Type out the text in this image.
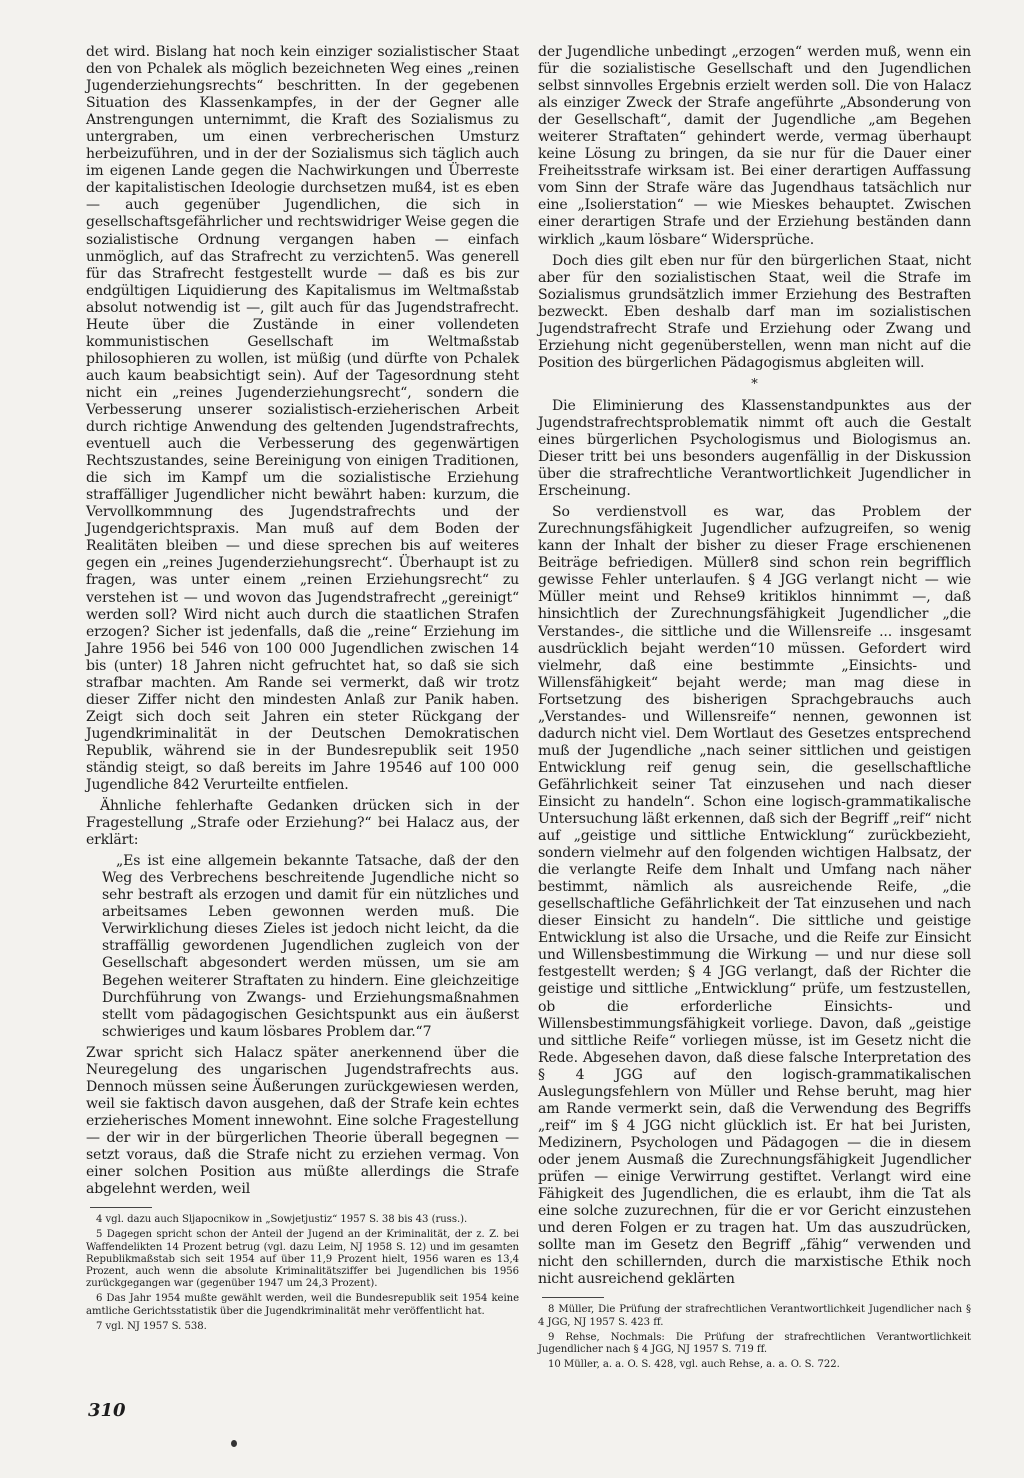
det wird. Bislang hat noch kein einziger sozialistischer Staat den von Pchalek als möglich bezeichneten Weg eines „reinen Jugenderziehungsrechts“ beschritten. In der gegebenen Situation des Klassenkampfes, in der der Gegner alle Anstrengungen unternimmt, die Kraft des Sozialismus zu untergraben, um einen verbrecherischen Umsturz herbeizuführen, und in der der Sozialismus sich täglich auch im eigenen Lande gegen die Nachwirkungen und Überreste der kapitalistischen Ideologie durchsetzen muß4, ist es eben — auch gegenüber Jugendlichen, die sich in gesellschaftsgefährlicher und rechtswidriger Weise gegen die sozialistische Ordnung vergangen haben — einfach unmöglich, auf das Strafrecht zu verzichten5. Was generell für das Strafrecht festgestellt wurde — daß es bis zur endgültigen Liquidierung des Kapitalismus im Weltmaßstab absolut notwendig ist —, gilt auch für das Jugendstrafrecht. Heute über die Zustände in einer vollendeten kommunistischen Gesellschaft im Weltmaßstab philosophieren zu wollen, ist müßig (und dürfte von Pchalek auch kaum beabsichtigt sein). Auf der Tagesordnung steht nicht ein „reines Jugenderziehungsrecht“, sondern die Verbesserung unserer sozialistisch-erzieherischen Arbeit durch richtige Anwendung des geltenden Jugendstrafrechts, eventuell auch die Verbesserung des gegenwärtigen Rechtszustandes, seine Bereinigung von einigen Traditionen, die sich im Kampf um die sozialistische Erziehung straffälliger Jugendlicher nicht bewährt haben: kurzum, die Vervollkommnung des Jugendstrafrechts und der Jugendgerichtspraxis. Man muß auf dem Boden der Realitäten bleiben — und diese sprechen bis auf weiteres gegen ein „reines Jugenderziehungsrecht“. Überhaupt ist zu fragen, was unter einem „reinen Erziehungsrecht“ zu verstehen ist — und wovon das Jugendstrafrecht „gereinigt“ werden soll? Wird nicht auch durch die staatlichen Strafen erzogen? Sicher ist jedenfalls, daß die „reine“ Erziehung im Jahre 1956 bei 546 von 100 000 Jugendlichen zwischen 14 bis (unter) 18 Jahren nicht gefruchtet hat, so daß sie sich strafbar machten. Am Rande sei vermerkt, daß wir trotz dieser Ziffer nicht den mindesten Anlaß zur Panik haben. Zeigt sich doch seit Jahren ein steter Rückgang der Jugendkriminalität in der Deutschen Demokratischen Republik, während sie in der Bundesrepublik seit 1950 ständig steigt, so daß bereits im Jahre 19546 auf 100 000 Jugendliche 842 Verurteilte entfielen.

Ähnliche fehlerhafte Gedanken drücken sich in der Fragestellung „Strafe oder Erziehung?“ bei Halacz aus, der erklärt:

„Es ist eine allgemein bekannte Tatsache, daß der den Weg des Verbrechens beschreitende Jugendliche nicht so sehr bestraft als erzogen und damit für ein nützliches und arbeitsames Leben gewonnen werden muß. Die Verwirklichung dieses Zieles ist jedoch nicht leicht, da die straffällig gewordenen Jugendlichen zugleich von der Gesellschaft abgesondert werden müssen, um sie am Begehen weiterer Straftaten zu hindern. Eine gleichzeitige Durchführung von Zwangs- und Erziehungsmaßnahmen stellt vom pädagogischen Gesichtspunkt aus ein äußerst schwieriges und kaum lösbares Problem dar.“7

Zwar spricht sich Halacz später anerkennend über die Neuregelung des ungarischen Jugendstrafrechts aus. Dennoch müssen seine Äußerungen zurückgewiesen werden, weil sie faktisch davon ausgehen, daß der Strafe kein echtes erzieherisches Moment innewohnt. Eine solche Fragestellung — der wir in der bürgerlichen Theorie überall begegnen — setzt voraus, daß die Strafe nicht zu erziehen vermag. Von einer solchen Position aus müßte allerdings die Strafe abgelehnt werden, weil

4 vgl. dazu auch Sljapocnikow in „Sowjetjustiz“ 1957 S. 38 bis 43 (russ.).

5 Dagegen spricht schon der Anteil der Jugend an der Kriminalität, der z. Z. bei Waffendelikten 14 Prozent betrug (vgl. dazu Leim, NJ 1958 S. 12) und im gesamten Republikmaßstab sich seit 1954 auf über 11,9 Prozent hielt, 1956 waren es 13,4 Prozent, auch wenn die absolute Kriminalitätsziffer bei Jugendlichen bis 1956 zurückgegangen war (gegenüber 1947 um 24,3 Prozent).

6 Das Jahr 1954 mußte gewählt werden, weil die Bundesrepublik seit 1954 keine amtliche Gerichtsstatistik über die Jugendkriminalität mehr veröffentlicht hat.

7 vgl. NJ 1957 S. 538.

der Jugendliche unbedingt „erzogen“ werden muß, wenn ein für die sozialistische Gesellschaft und den Jugendlichen selbst sinnvolles Ergebnis erzielt werden soll. Die von Halacz als einziger Zweck der Strafe angeführte „Absonderung von der Gesellschaft“, damit der Jugendliche „am Begehen weiterer Straftaten“ gehindert werde, vermag überhaupt keine Lösung zu bringen, da sie nur für die Dauer einer Freiheitsstrafe wirksam ist. Bei einer derartigen Auffassung vom Sinn der Strafe wäre das Jugendhaus tatsächlich nur eine „Isolierstation“ — wie Mieskes behauptet. Zwischen einer derartigen Strafe und der Erziehung beständen dann wirklich „kaum lösbare“ Widersprüche.

Doch dies gilt eben nur für den bürgerlichen Staat, nicht aber für den sozialistischen Staat, weil die Strafe im Sozialismus grundsätzlich immer Erziehung des Bestraften bezweckt. Eben deshalb darf man im sozialistischen Jugendstrafrecht Strafe und Erziehung oder Zwang und Erziehung nicht gegenüberstellen, wenn man nicht auf die Position des bürgerlichen Pädagogismus abgleiten will.

*

Die Eliminierung des Klassenstandpunktes aus der Jugendstrafrechtsproblematik nimmt oft auch die Gestalt eines bürgerlichen Psychologismus und Biologismus an. Dieser tritt bei uns besonders augenfällig in der Diskussion über die strafrechtliche Verantwortlichkeit Jugendlicher in Erscheinung.

So verdienstvoll es war, das Problem der Zurechnungsfähigkeit Jugendlicher aufzugreifen, so wenig kann der Inhalt der bisher zu dieser Frage erschienenen Beiträge befriedigen. Müller8 sind schon rein begrifflich gewisse Fehler unterlaufen. § 4 JGG verlangt nicht — wie Müller meint und Rehse9 kritiklos hinnimmt —, daß hinsichtlich der Zurechnungsfähigkeit Jugendlicher „die Verstandes-, die sittliche und die Willensreife ... insgesamt ausdrücklich bejaht werden“10 müssen. Gefordert wird vielmehr, daß eine bestimmte „Einsichts- und Willensfähigkeit“ bejaht werde; man mag diese in Fortsetzung des bisherigen Sprachgebrauchs auch „Verstandes- und Willensreife“ nennen, gewonnen ist dadurch nicht viel. Dem Wortlaut des Gesetzes entsprechend muß der Jugendliche „nach seiner sittlichen und geistigen Entwicklung reif genug sein, die gesellschaftliche Gefährlichkeit seiner Tat einzusehen und nach dieser Einsicht zu handeln“. Schon eine logisch-grammatikalische Untersuchung läßt erkennen, daß sich der Begriff „reif“ nicht auf „geistige und sittliche Entwicklung“ zurückbezieht, sondern vielmehr auf den folgenden wichtigen Halbsatz, der die verlangte Reife dem Inhalt und Umfang nach näher bestimmt, nämlich als ausreichende Reife, „die gesellschaftliche Gefährlichkeit der Tat einzusehen und nach dieser Einsicht zu handeln“. Die sittliche und geistige Entwicklung ist also die Ursache, und die Reife zur Einsicht und Willensbestimmung die Wirkung — und nur diese soll festgestellt werden; § 4 JGG verlangt, daß der Richter die geistige und sittliche „Entwicklung“ prüfe, um festzustellen, ob die erforderliche Einsichts- und Willensbestimmungsfähigkeit vorliege. Davon, daß „geistige und sittliche Reife“ vorliegen müsse, ist im Gesetz nicht die Rede. Abgesehen davon, daß diese falsche Interpretation des § 4 JGG auf den logisch-grammatikalischen Auslegungsfehlern von Müller und Rehse beruht, mag hier am Rande vermerkt sein, daß die Verwendung des Begriffs „reif“ im § 4 JGG nicht glücklich ist. Er hat bei Juristen, Medizinern, Psychologen und Pädagogen — die in diesem oder jenem Ausmaß die Zurechnungsfähigkeit Jugendlicher prüfen — einige Verwirrung gestiftet. Verlangt wird eine Fähigkeit des Jugendlichen, die es erlaubt, ihm die Tat als eine solche zuzurechnen, für die er vor Gericht einzustehen und deren Folgen er zu tragen hat. Um das auszudrücken, sollte man im Gesetz den Begriff „fähig“ verwenden und nicht den schillernden, durch die marxistische Ethik noch nicht ausreichend geklärten

8 Müller, Die Prüfung der strafrechtlichen Verantwortlichkeit Jugendlicher nach § 4 JGG, NJ 1957 S. 423 ff.

9 Rehse, Nochmals: Die Prüfung der strafrechtlichen Verantwortlichkeit Jugendlicher nach § 4 JGG, NJ 1957 S. 719 ff.

10 Müller, a. a. O. S. 428, vgl. auch Rehse, a. a. O. S. 722.

310
